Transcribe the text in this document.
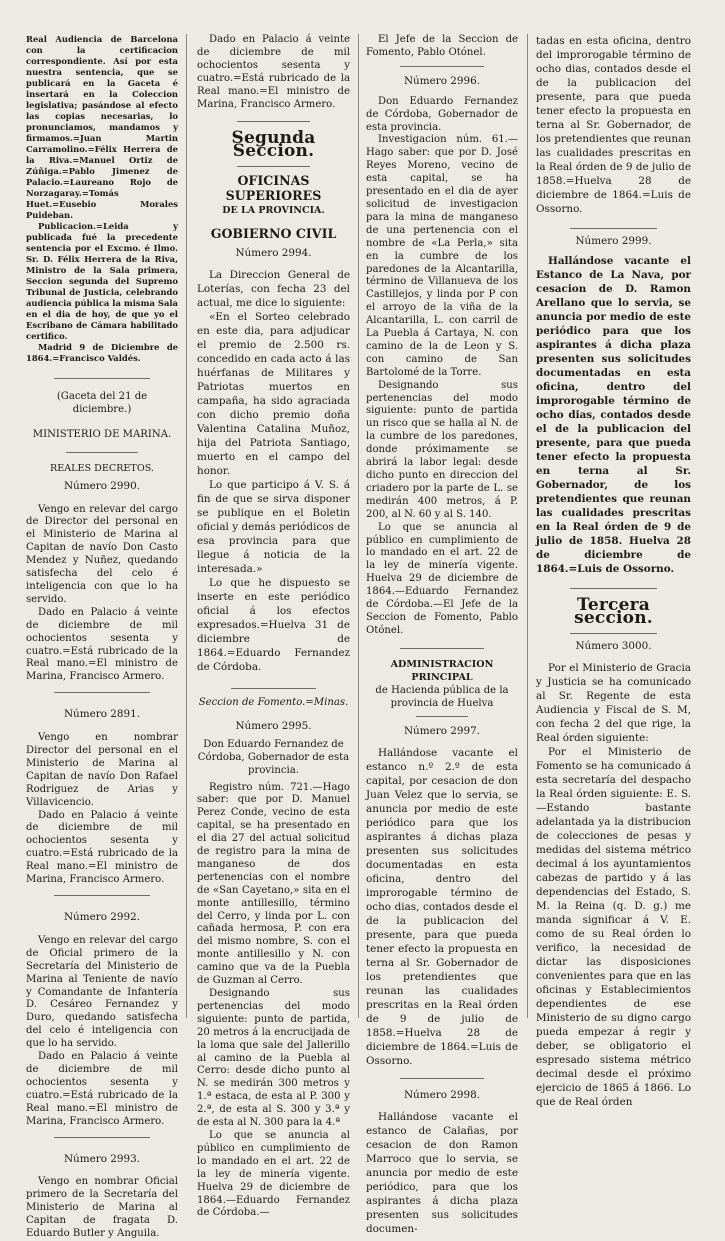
Real Audiencia de Barcelona con la certificacion correspondiente. Así por esta nuestra sentencia, que se publicará en la Gaceta é insertará en la Coleccion legislativa; pasándose al efecto las copias necesarias, lo pronunciamos, mandamos y firmamos.=Juan Martin Carramolino.=Félix Herrera de la Riva.=Manuel Ortiz de Zúñiga.=Pablo Jimenez de Palacio.=Laureano Rojo de Norzagaray.=Tomás Huet.=Eusebio Morales Puideban.

Publicacion.=Leida y publicada fué la precedente sentencia por el Excmo. é Ilmo. Sr. D. Félix Herrera de la Riva, Ministro de la Sala primera, Seccion segunda del Supremo Tribunal de Justicia, celebrando audiencia pública la misma Sala en el dia de hoy, de que yo el Escribano de Cámara habilitado certifico.

Madrid 9 de Diciembre de 1864.=Francisco Valdés.

(Gaceta del 21 de diciembre.)

MINISTERIO DE MARINA.

REALES DECRETOS.

Número 2990.

Vengo en relevar del cargo de Director del personal en el Ministerio de Marina al Capitan de navío Don Casto Mendez y Nuñez, quedando satisfecha del celo é inteligencia con que lo ha servido.

Dado en Palacio á veinte de diciembre de mil ochocientos sesenta y cuatro.=Está rubricado de la Real mano.=El ministro de Marina, Francisco Armero.

Número 2891.

Vengo en nombrar Director del personal en el Ministerio de Marina al Capitan de navío Don Rafael Rodriguez de Arias y Villavicencio.

Dado en Palacio á veinte de diciembre de mil ochocientos sesenta y cuatro.=Está rubricado de la Real mano.=El ministro de Marina, Francisco Armero.

Número 2992.

Vengo en relevar del cargo de Oficial primero de la Secretaría del Ministerio de Marina al Teniente de navío y Comandante de Infantería D. Cesáreo Fernandez y Duro, quedando satisfecha del celo é inteligencia con que lo ha servido.

Dado en Palacio á veinte de diciembre de mil ochocientos sesenta y cuatro.=Está rubricado de la Real mano.=El ministro de Marina, Francisco Armero.

Número 2993.

Vengo en nombrar Oficial primero de la Secretaría del Ministerio de Marina al Capitan de fragata D. Eduardo Butler y Anguila.

Dado en Palacio á veinte de diciembre de mil ochocientos sesenta y cuatro.=Está rubricado de la Real mano.=El ministro de Marina, Francisco Armero.

Segunda Seccion.
OFICINAS SUPERIORES
DE LA PROVINCIA.
GOBIERNO CIVIL

Número 2994.

La Direccion General de Loterías, con fecha 23 del actual, me dice lo siguiente:

«En el Sorteo celebrado en este dia, para adjudicar el premio de 2.500 rs. concedido en cada acto á las huérfanas de Militares y Patriotas muertos en campaña, ha sido agraciada con dicho premio doña Valentina Catalina Muñoz, hija del Patriota Santiago, muerto en el campo del honor.

Lo que participo á V. S. á fin de que se sirva disponer se publique en el Boletin oficial y demás periódicos de esa provincia para que llegue á noticia de la interesada.»

Lo que he dispuesto se inserte en este periódico oficial á los efectos expresados.=Huelva 31 de diciembre de 1864.=Eduardo Fernandez de Córdoba.

Seccion de Fomento.=Minas.

Número 2995.

Don Eduardo Fernandez de Córdoba, Gobernador de esta provincia.

Registro núm. 721.—Hago saber: que por D. Manuel Perez Conde, vecino de esta capital, se ha presentado en el dia 27 del actual solicitud de registro para la mina de manganeso de dos pertenencias con el nombre de «San Cayetano,» sita en el monte antillesillo, término del Cerro, y linda por L. con cañada hermosa, P. con era del mismo nombre, S. con el monte antillesillo y N. con camino que va de la Puebla de Guzman al Cerro.

Designando sus pertenencias del modo siguiente: punto de partida, 20 metros á la encrucijada de la loma que sale del Jallerillo al camino de la Puebla al Cerro: desde dicho punto al N. se medirán 300 metros y 1.ª estaca, de esta al P. 300 y 2.ª, de esta al S. 300 y 3.ª y de esta al N. 300 para la 4.ª

Lo que se anuncia al público en cumplimiento de lo mandado en el art. 22 de la ley de minería vigente. Huelva 29 de diciembre de 1864.—Eduardo Fernandez de Córdoba.—

El Jefe de la Seccion de Fomento, Pablo Otónel.

Número 2996.

Don Eduardo Fernandez de Córdoba, Gobernador de esta provincia.

Investigacion núm. 61.—Hago saber: que por D. José Reyes Moreno, vecino de esta capital, se ha presentado en el dia de ayer solicitud de investigacion para la mina de manganeso de una pertenencia con el nombre de «La Perla,» sita en la cumbre de los paredones de la Alcantarilla, término de Villanueva de los Castillejos, y linda por P con el arroyo de la viña de la Alcantarilla, L. con carril de La Puebla á Cartaya, N. con camino de la de Leon y S. con camino de San Bartolomé de la Torre.

Designando sus pertenencias del modo siguiente: punto de partida un risco que se halla al N. de la cumbre de los paredones, donde próximamente se abrirá la labor legal: desde dicho punto en direccion del criadero por la parte de L. se medirán 400 metros, á P. 200, al N. 60 y al S. 140.

Lo que se anuncia al público en cumplimiento de lo mandado en el art. 22 de la ley de minería vigente. Huelva 29 de diciembre de 1864.—Eduardo Fernandez de Córdoba.—El Jefe de la Seccion de Fomento, Pablo Otónel.

ADMINISTRACION PRINCIPAL

de Hacienda pública de la provincia de Huelva

Número 2997.

Hallándose vacante el estanco n.º 2.º de esta capital, por cesacion de don Juan Velez que lo servia, se anuncia por medio de este periódico para que los aspirantes á dichas plaza presenten sus solicitudes documentadas en esta oficina, dentro del improrogable término de ocho dias, contados desde el de la publicacion del presente, para que pueda tener efecto la propuesta en terna al Sr. Gobernador de los pretendientes que reunan las cualidades prescritas en la Real órden de 9 de julio de 1858.=Huelva 28 de diciembre de 1864.=Luis de Ossorno.

Número 2998.

Hallándose vacante el estanco de Calañas, por cesacion de don Ramon Marroco que lo servia, se anuncia por medio de este periódico, para que los aspirantes á dicha plaza presenten sus solicitudes documen-

tadas en esta oficina, dentro del improrogable término de ocho dias, contados desde el de la publicacion del presente, para que pueda tener efecto la propuesta en terna al Sr. Gobernador, de los pretendientes que reunan las cualidades prescritas en la Real órden de 9 de julio de 1858.=Huelva 28 de diciembre de 1864.=Luis de Ossorno.

Número 2999.

Hallándose vacante el Estanco de La Nava, por cesacion de D. Ramon Arellano que lo servia, se anuncia por medio de este periódico para que los aspirantes á dicha plaza presenten sus solicitudes documentadas en esta oficina, dentro del improrogable término de ocho dias, contados desde el de la publicacion del presente, para que pueda tener efecto la propuesta en terna al Sr. Gobernador, de los pretendientes que reunan las cualidades prescritas en la Real órden de 9 de julio de 1858. Huelva 28 de diciembre de 1864.=Luis de Ossorno.

Tercera seccion.

Número 3000.

Por el Ministerio de Gracia y Justicia se ha comunicado al Sr. Regente de esta Audiencia y Fiscal de S. M, con fecha 2 del que rige, la Real órden siguiente:

Por el Ministerio de Fomento se ha comunicado á esta secretaría del despacho la Real órden siguiente: E. S.—Estando bastante adelantada ya la distribucion de colecciones de pesas y medidas del sistema métrico decimal á los ayuntamientos cabezas de partido y á las dependencias del Estado, S. M. la Reina (q. D. g.) me manda significar á V. E. como de su Real órden lo verifico, la necesidad de dictar las disposiciones convenientes para que en las oficinas y Establecimientos dependientes de ese Ministerio de su digno cargo pueda empezar á regir y deber, se obligatorio el espresado sistema métrico decimal desde el próximo ejercicio de 1865 á 1866. Lo que de Real órden
